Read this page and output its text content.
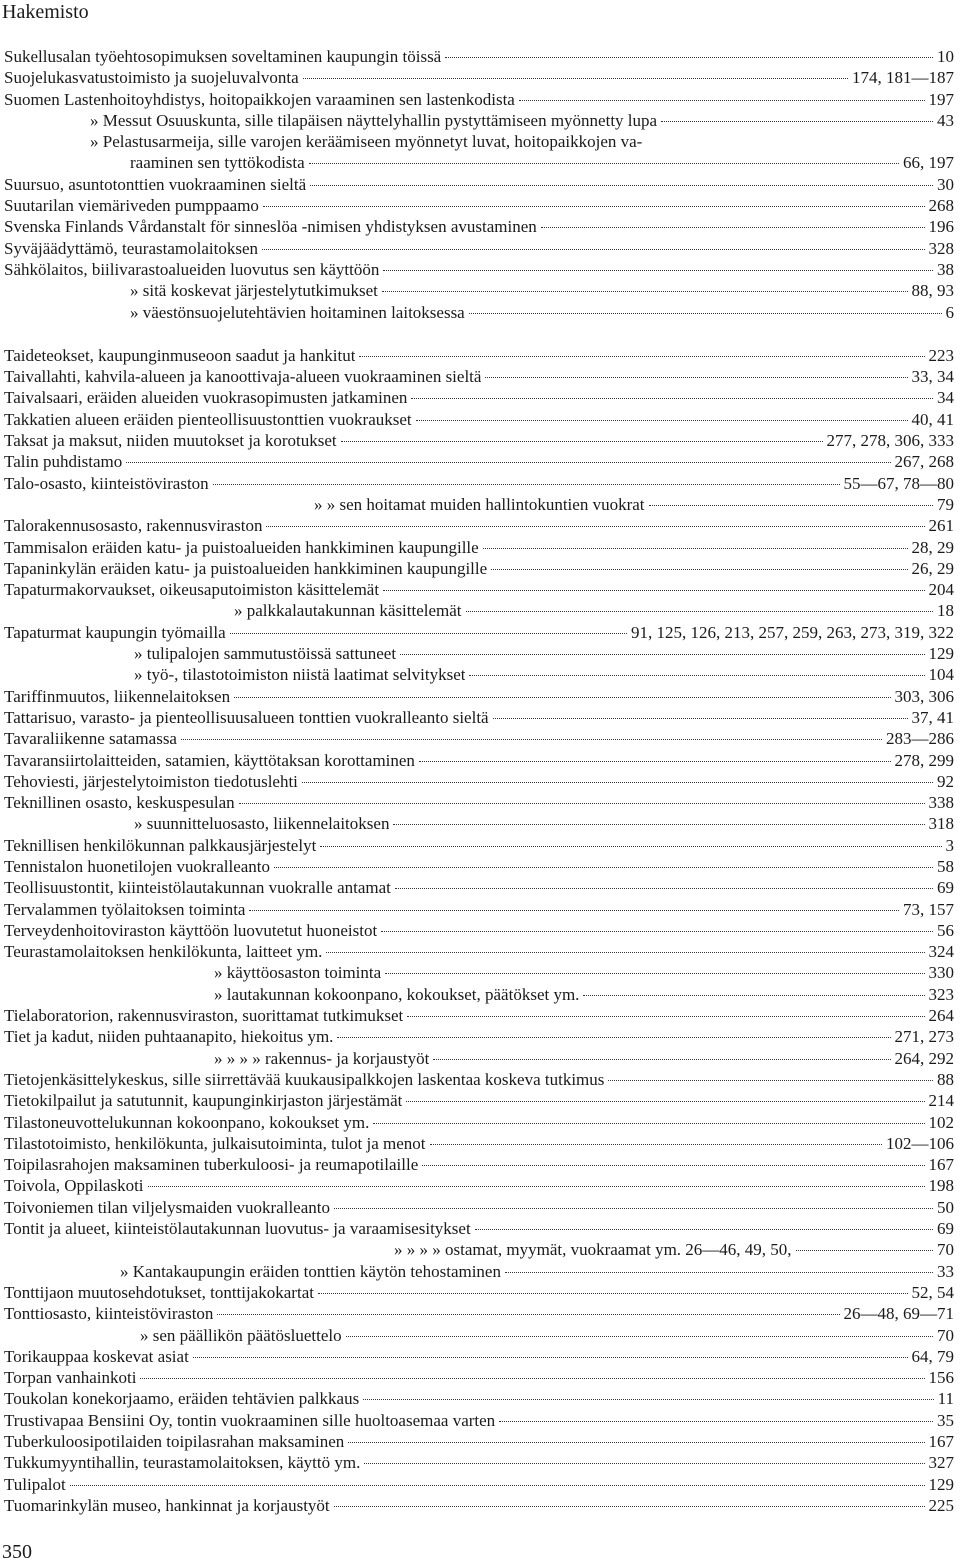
Hakemisto
Sukellusalan työehtosopimuksen soveltaminen kaupungin töissä	10
Suojelukasvatustoimisto ja suojeluvalvonta	174, 181—187
Suomen Lastenhoitoyhdistys, hoitopaikkojen varaaminen sen lastenkodista	197
» Messut Osuuskunta, sille tilapäisen näyttelyhallin pystyttämiseen myönnetty lupa	43
» Pelastusarmeija, sille varojen keräämiseen myönnetyt luvat, hoitopaikkojen va-
raaminen sen tyttökodista	66, 197
Suursuo, asuntotonttien vuokraaminen sieltä	30
Suutarilan viemäriveden pumppaamo	268
Svenska Finlands Vårdanstalt för sinneslöa -nimisen yhdistyksen avustaminen	196
Syväjäädyttämö, teurastamolaitoksen	328
Sähkölaitos, biilivarastoalueiden luovutus sen käyttöön	38
» sitä koskevat järjestelytutkimukset	88, 93
» väestönsuojelutehtävien hoitaminen laitoksessa	6
Taideteokset, kaupunginmuseoon saadut ja hankitut	223
Taivallahti, kahvila-alueen ja kanoottivaja-alueen vuokraaminen sieltä	33, 34
Taivalsaari, eräiden alueiden vuokrasopimusten jatkaminen	34
Takkatien alueen eräiden pienteollisuustonttien vuokraukset	40, 41
Taksat ja maksut, niiden muutokset ja korotukset	277, 278, 306, 333
Talin puhdistamo	267, 268
Talo-osasto, kiinteistöviraston	55—67, 78—80
» » sen hoitamat muiden hallintokuntien vuokrat	79
Talorakennusosasto, rakennusviraston	261
Tammisalon eräiden katu- ja puistoalueiden hankkiminen kaupungille	28, 29
Tapaninkylän eräiden katu- ja puistoalueiden hankkiminen kaupungille	26, 29
Tapaturmakorvaukset, oikeusaputoimiston käsittelemät	204
» palkkalautakunnan käsittelemät	18
Tapaturmat kaupungin työmailla	91, 125, 126, 213, 257, 259, 263, 273, 319, 322
» tulipalojen sammutustöissä sattuneet	129
» työ-, tilastotoimiston niistä laatimat selvitykset	104
Tariffinmuutos, liikennelaitoksen	303, 306
Tattarisuo, varasto- ja pienteollisuusalueen tonttien vuokralleanto sieltä	37, 41
Tavaraliikenne satamassa	283—286
Tavaransiirtolaitteiden, satamien, käyttötaksan korottaminen	278, 299
Tehoviesti, järjestelytoimiston tiedotuslehti	92
Teknillinen osasto, keskuspesulan	338
» suunnitteluosasto, liikennelaitoksen	318
Teknillisen henkilökunnan palkkausjärjestelyt	3
Tennistalon huonetilojen vuokralleanto	58
Teollisuustontit, kiinteistölautakunnan vuokralle antamat	69
Tervalammen työlaitoksen toiminta	73, 157
Terveydenhoitoviraston käyttöön luovutetut huoneistot	56
Teurastamolaitoksen henkilökunta, laitteet ym.	324
» käyttöosaston toiminta	330
» lautakunnan kokoonpano, kokoukset, päätökset ym.	323
Tielaboratorion, rakennusviraston, suorittamat tutkimukset	264
Tiet ja kadut, niiden puhtaanapito, hiekoitus ym.	271, 273
» » » » rakennus- ja korjaustyöt	264, 292
Tietojenkäsittelykeskus, sille siirrettävää kuukausipalkkojen laskentaa koskeva tutkimus	88
Tietokilpailut ja satutunnit, kaupunginkirjaston järjestämät	214
Tilastoneuvottelukunnan kokoonpano, kokoukset ym.	102
Tilastotoimisto, henkilökunta, julkaisutoiminta, tulot ja menot	102—106
Toipilasrahojen maksaminen tuberkuloosi- ja reumapotilaille	167
Toivola, Oppilaskoti	198
Toivoniemen tilan viljelysmaiden vuokralleanto	50
Tontit ja alueet, kiinteistölautakunnan luovutus- ja varaamisesitykset	69
» » » » ostamat, myymät, vuokraamat ym. 26—46, 49, 50,	70
» Kantakaupungin eräiden tonttien käytön tehostaminen	33
Tonttijaon muutosehdotukset, tonttijakokartat	52, 54
Tonttiosasto, kiinteistöviraston	26—48, 69—71
» sen päällikön päätösluettelo	70
Torikauppaa koskevat asiat	64, 79
Torpan vanhainkoti	156
Toukolan konekorjaamo, eräiden tehtävien palkkaus	11
Trustivapaa Bensiini Oy, tontin vuokraaminen sille huoltoasemaa varten	35
Tuberkuloosipotilaiden toipilasrahan maksaminen	167
Tukkumyyntihallin, teurastamolaitoksen, käyttö ym.	327
Tulipalot	129
Tuomarinkylän museo, hankinnat ja korjaustyöt	225
350
